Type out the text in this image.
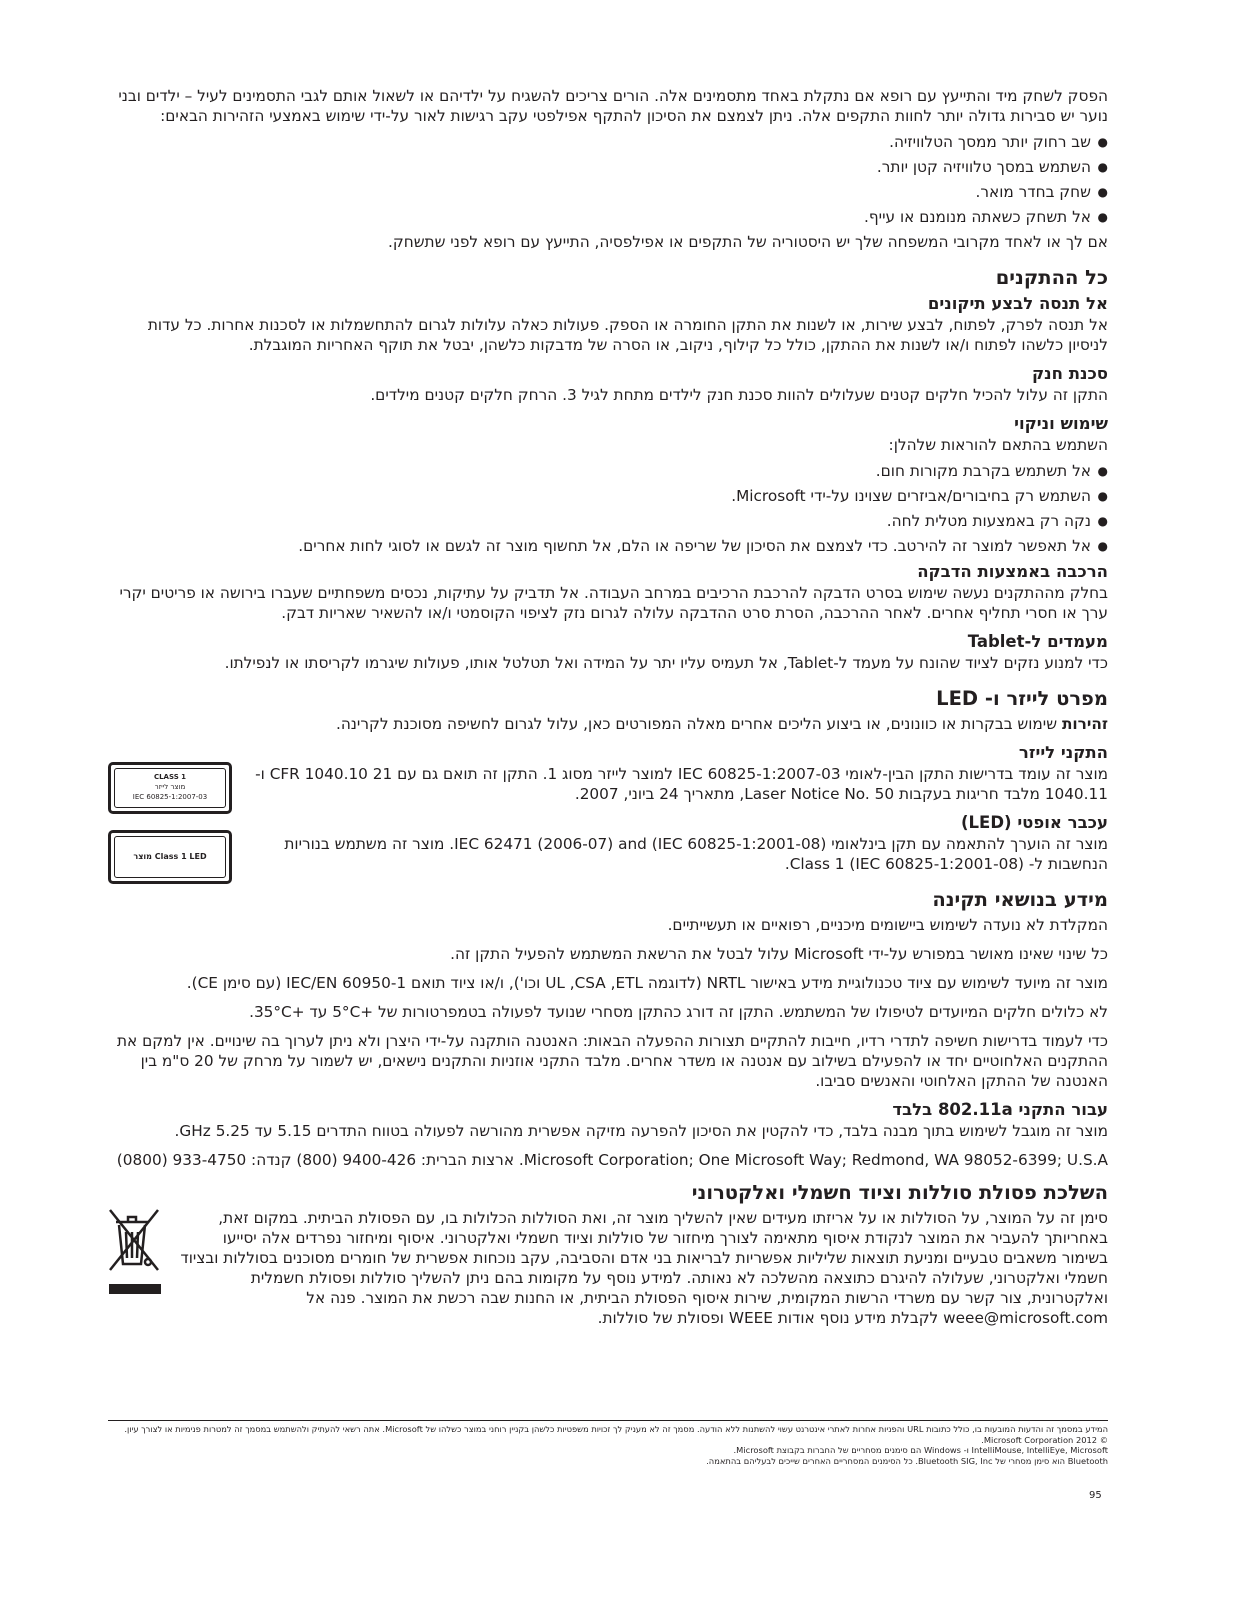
הפסק לשחק מיד והתייעץ עם רופא אם נתקלת באחד מתסמינים אלה. הורים צריכים להשגיח על ילדיהם או לשאול אותם לגבי התסמינים לעיל – ילדים ובני נוער יש סבירות גדולה יותר לחוות התקפים אלה. ניתן לצמצם את הסיכון להתקף אפילפטי עקב רגישות לאור על-ידי שימוש באמצעי הזהירות הבאים:

●
שב רחוק יותר ממסך הטלוויזיה.
●
השתמש במסך טלוויזיה קטן יותר.
●
שחק בחדר מואר.
●
אל תשחק כשאתה מנומנם או עייף.

אם לך או לאחד מקרובי המשפחה שלך יש היסטוריה של התקפים או אפילפסיה, התייעץ עם רופא לפני שתשחק.

כל ההתקנים
אל תנסה לבצע תיקונים

אל תנסה לפרק, לפתוח, לבצע שירות, או לשנות את התקן החומרה או הספק. פעולות כאלה עלולות לגרום להתחשמלות או לסכנות אחרות. כל עדות לניסיון כלשהו לפתוח ו/או לשנות את ההתקן, כולל כל קילוף, ניקוב, או הסרה של מדבקות כלשהן, יבטל את תוקף האחריות המוגבלת.

סכנת חנק

התקן זה עלול להכיל חלקים קטנים שעלולים להוות סכנת חנק לילדים מתחת לגיל 3. הרחק חלקים קטנים מילדים.

שימוש וניקוי

השתמש בהתאם להוראות שלהלן:

●
אל תשתמש בקרבת מקורות חום.
●
השתמש רק בחיבורים/אביזרים שצוינו על-ידי Microsoft.
●
נקה רק באמצעות מטלית לחה.
●
אל תאפשר למוצר זה להירטב. כדי לצמצם את הסיכון של שריפה או הלם, אל תחשוף מוצר זה לגשם או לסוגי לחות אחרים.
הרכבה באמצעות הדבקה

בחלק מההתקנים נעשה שימוש בסרט הדבקה להרכבת הרכיבים במרחב העבודה. אל תדביק על עתיקות, נכסים משפחתיים שעברו בירושה או פריטים יקרי ערך או חסרי תחליף אחרים. לאחר ההרכבה, הסרת סרט ההדבקה עלולה לגרום נזק לציפוי הקוסמטי ו/או להשאיר שאריות דבק.

מעמדים ל-Tablet

כדי למנוע נזקים לציוד שהונח על מעמד ל-Tablet, אל תעמיס עליו יתר על המידה ואל תטלטל אותו, פעולות שיגרמו לקריסתו או לנפילתו.

מפרט לייזר ו- LED

זהירות שימוש בבקרות או כוונונים, או ביצוע הליכים אחרים מאלה המפורטים כאן, עלול לגרום לחשיפה מסוכנת לקרינה.

CLASS 1
מוצר לייזר
IEC 60825-1:2007-03
Class 1 LED מוצר
התקני לייזר

מוצר זה עומד בדרישות התקן הבין-לאומי IEC 60825-1:2007-03 למוצר לייזר מסוג 1. התקן זה תואם גם עם 21 CFR 1040.10 ו- 1040.11 מלבד חריגות בעקבות Laser Notice No. 50, מתאריך 24 ביוני, 2007.

עכבר אופטי (LED)

מוצר זה הוערך להתאמה עם תקן בינלאומי IEC 62471 (2006-07) and (IEC 60825-1:2001-08). מוצר זה משתמש בנוריות הנחשבות ל- Class 1 (IEC 60825-1:2001-08).

מידע בנושאי תקינה

המקלדת לא נועדה לשימוש ביישומים מיכניים, רפואיים או תעשייתיים.

כל שינוי שאינו מאושר במפורש על-ידי Microsoft עלול לבטל את הרשאת המשתמש להפעיל התקן זה.

מוצר זה מיועד לשימוש עם ציוד טכנולוגיית מידע באישור NRTL (לדוגמה UL ,CSA ,ETL וכו'), ו/או ציוד תואם IEC/EN 60950-1 (עם סימן CE).

לא כלולים חלקים המיועדים לטיפולו של המשתמש. התקן זה דורג כהתקן מסחרי שנועד לפעולה בטמפרטורות של +5°C עד +35°C.

כדי לעמוד בדרישות חשיפה לתדרי רדיו, חייבות להתקיים תצורות ההפעלה הבאות: האנטנה הותקנה על-ידי היצרן ולא ניתן לערוך בה שינויים. אין למקם את ההתקנים האלחוטיים יחד או להפעילם בשילוב עם אנטנה או משדר אחרים. מלבד התקני אוזניות והתקנים נישאים, יש לשמור על מרחק של 20 ס"מ בין האנטנה של ההתקן האלחוטי והאנשים סביבו.

עבור התקני 802.11a בלבד

מוצר זה מוגבל לשימוש בתוך מבנה בלבד, כדי להקטין את הסיכון להפרעה מזיקה אפשרית מהורשה לפעולה בטווח התדרים 5.15 עד 5.25 GHz.

Microsoft Corporation; One Microsoft Way; Redmond, WA 98052-6399; U.S.A. ארצות הברית: 9400-426 (800) קנדה: 933-4750 (0800)

השלכת פסולת סוללות וציוד חשמלי ואלקטרוני

סימן זה על המוצר, על הסוללות או על אריזתו מעידים שאין להשליך מוצר זה, ואת הסוללות הכלולות בו, עם הפסולת הביתית. במקום זאת, באחריותך להעביר את המוצר לנקודת איסוף מתאימה לצורך מיחזור של סוללות וציוד חשמלי ואלקטרוני. איסוף ומיחזור נפרדים אלה יסייעו בשימור משאבים טבעיים ומניעת תוצאות שליליות אפשריות לבריאות בני אדם והסביבה, עקב נוכחות אפשרית של חומרים מסוכנים בסוללות ובציוד חשמלי ואלקטרוני, שעלולה להיגרם כתוצאה מהשלכה לא נאותה. למידע נוסף על מקומות בהם ניתן להשליך סוללות ופסולת חשמלית ואלקטרונית, צור קשר עם משרדי הרשות המקומית, שירות איסוף הפסולת הביתית, או החנות שבה רכשת את המוצר. פנה אל weee@microsoft.com לקבלת מידע נוסף אודות WEEE ופסולת של סוללות.

המידע במסמך זה והדעות המובעות בו, כולל כתובות URL והפניות אחרות לאתרי אינטרנט עשוי להשתנות ללא הודעה. מסמך זה לא מעניק לך זכויות משפטיות כלשהן בקניין רוחני במוצר כשלהו של Microsoft. אתה רשאי להעתיק ולהשתמש במסמך זה למטרות פנימיות או לצורך עיון.

© 2012 Microsoft Corporation.

IntelliMouse, IntelliEye, Microsoft ו- Windows הם סימנים מסחריים של החברות בקבוצת Microsoft.

Bluetooth הוא סימן מסחרי של Bluetooth SIG, Inc. כל הסימנים המסחריים האחרים שייכים לבעליהם בהתאמה.

95
